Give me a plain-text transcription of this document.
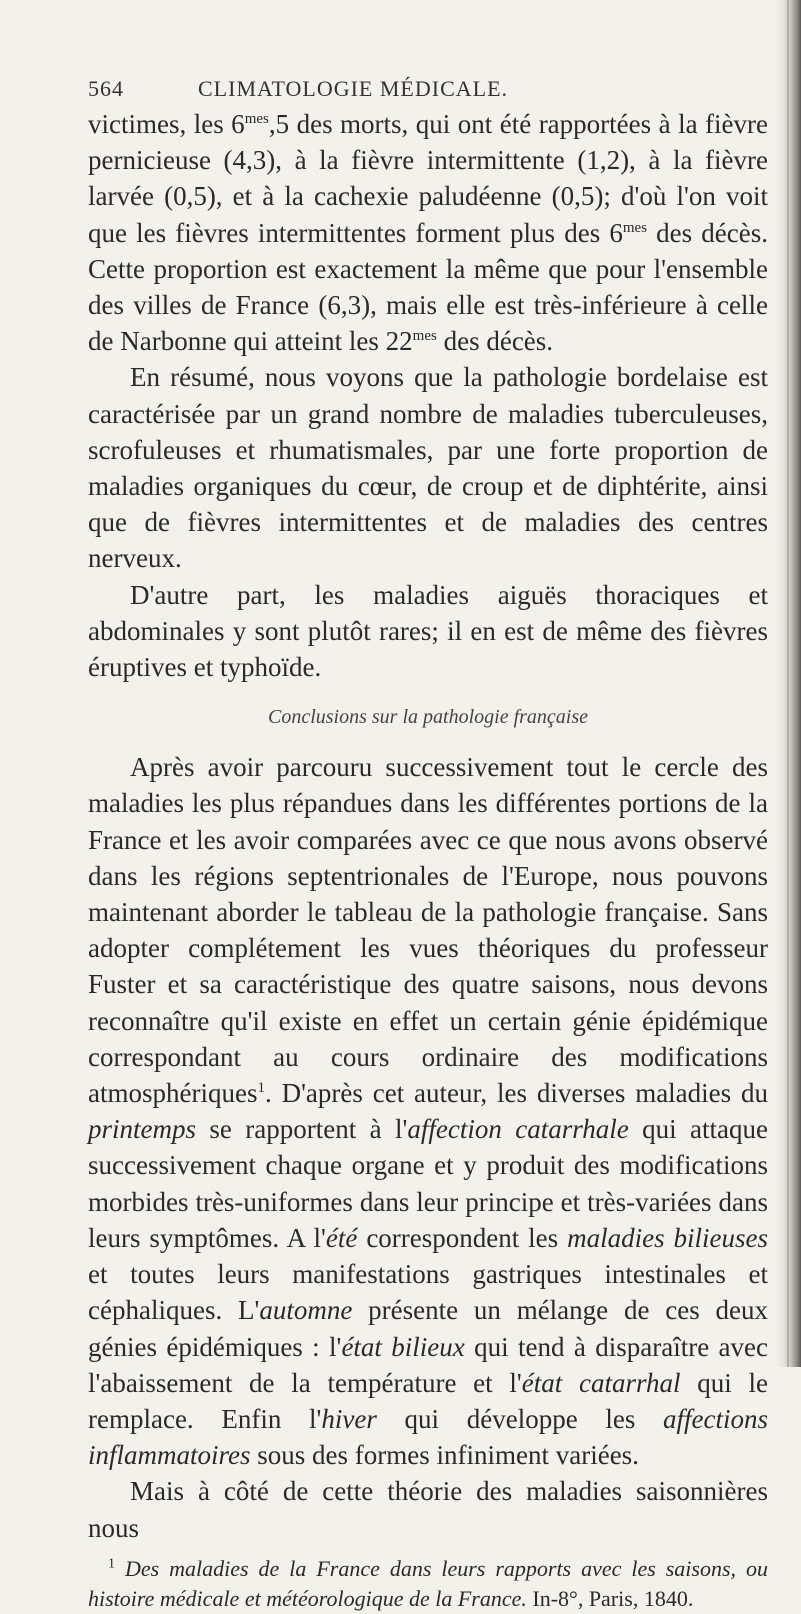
564	CLIMATOLOGIE MÉDICALE.

victimes, les $6^{mes},5$ des morts, qui ont été rapportées à la fièvre pernicieuse (4,3), à la fièvre intermittente (1,2), à la fièvre larvée (0,5), et à la cachexie paludéenne (0,5); d'où l'on voit que les fièvres intermittentes forment plus des $6^{mes}$ des décès. Cette proportion est exactement la même que pour l'ensemble des villes de France (6,3), mais elle est très-inférieure à celle de Narbonne qui atteint les $22^{mes}$ des décès.

En résumé, nous voyons que la pathologie bordelaise est caractérisée par un grand nombre de maladies tuberculeuses, scrofuleuses et rhumatismales, par une forte proportion de maladies organiques du cœur, de croup et de diphtérite, ainsi que de fièvres intermittentes et de maladies des centres nerveux.

D'autre part, les maladies aiguës thoraciques et abdominales y sont plutôt rares; il en est de même des fièvres éruptives et typhoïde.

Conclusions sur la pathologie française

Après avoir parcouru successivement tout le cercle des maladies les plus répandues dans les différentes portions de la France et les avoir comparées avec ce que nous avons observé dans les régions septentrionales de l'Europe, nous pouvons maintenant aborder le tableau de la pathologie française. Sans adopter complétement les vues théoriques du professeur Fuster et sa caractéristique des quatre saisons, nous devons reconnaître qu'il existe en effet un certain génie épidémique correspondant au cours ordinaire des modifications atmosphériques$^1$. D'après cet auteur, les diverses maladies du printemps se rapportent à l'affection catarrhale qui attaque successivement chaque organe et y produit des modifications morbides très-uniformes dans leur principe et très-variées dans leurs symptômes. A l'été correspondent les maladies bilieuses et toutes leurs manifestations gastriques intestinales et céphaliques. L'automne présente un mélange de ces deux génies épidémiques : l'état bilieux qui tend à disparaître avec l'abaissement de la température et l'état catarrhal qui le remplace. Enfin l'hiver qui développe les affections inflammatoires sous des formes infiniment variées.

Mais à côté de cette théorie des maladies saisonnières nous

$^1$ Des maladies de la France dans leurs rapports avec les saisons, ou histoire médicale et météorologique de la France. In-8°, Paris, 1840.
